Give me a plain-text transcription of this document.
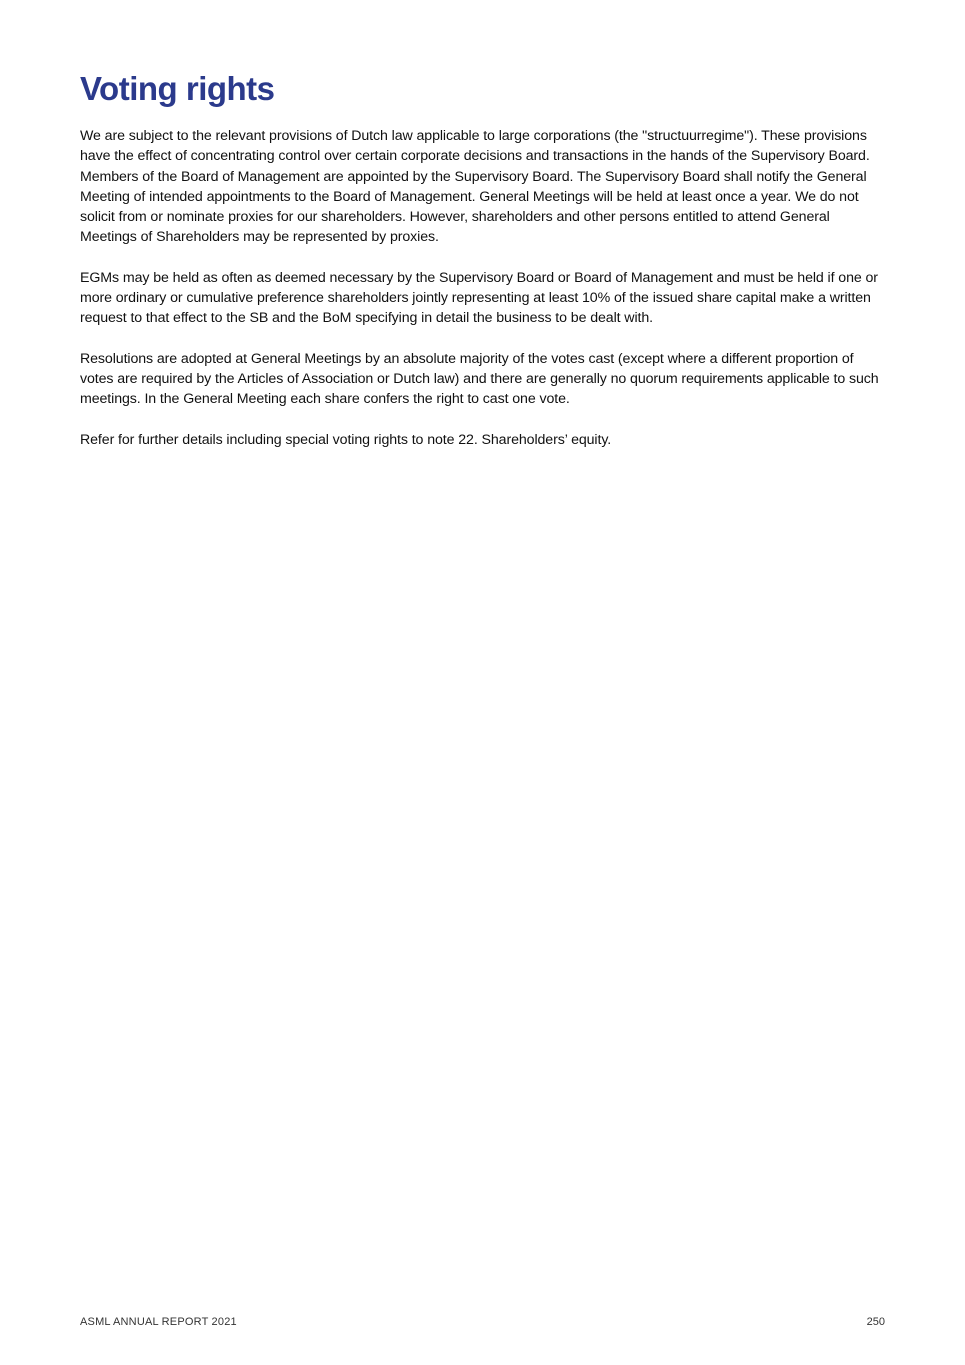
Voting rights

We are subject to the relevant provisions of Dutch law applicable to large corporations (the "structuurregime"). These provisions have the effect of concentrating control over certain corporate decisions and transactions in the hands of the Supervisory Board. Members of the Board of Management are appointed by the Supervisory Board. The Supervisory Board shall notify the General Meeting of intended appointments to the Board of Management. General Meetings will be held at least once a year. We do not solicit from or nominate proxies for our shareholders. However, shareholders and other persons entitled to attend General Meetings of Shareholders may be represented by proxies.

EGMs may be held as often as deemed necessary by the Supervisory Board or Board of Management and must be held if one or more ordinary or cumulative preference shareholders jointly representing at least 10% of the issued share capital make a written request to that effect to the SB and the BoM specifying in detail the business to be dealt with.

Resolutions are adopted at General Meetings by an absolute majority of the votes cast (except where a different proportion of votes are required by the Articles of Association or Dutch law) and there are generally no quorum requirements applicable to such meetings. In the General Meeting each share confers the right to cast one vote.

Refer for further details including special voting rights to note 22. Shareholders’ equity.

ASML ANNUAL REPORT 2021	250
